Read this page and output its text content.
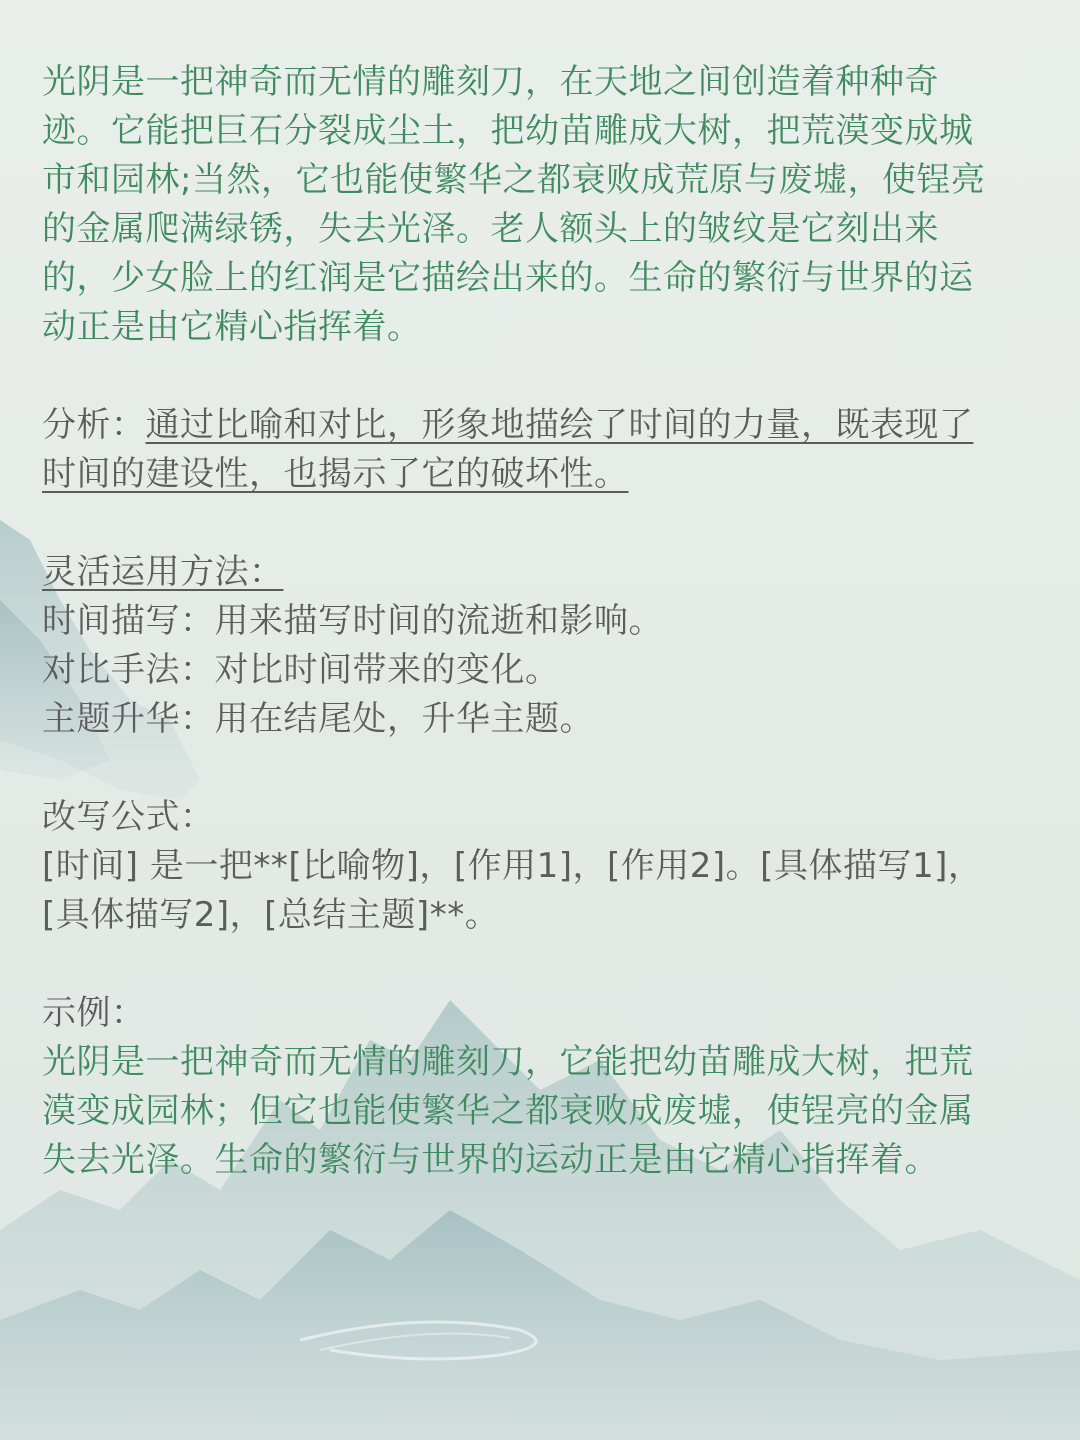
光阴是一把神奇而无情的雕刻刀，在天地之间创造着种种奇迹。它能把巨石分裂成尘土，把幼苗雕成大树，把荒漠变成城市和园林;当然，它也能使繁华之都衰败成荒原与废墟，使锃亮的金属爬满绿锈，失去光泽。老人额头上的皱纹是它刻出来的，少女脸上的红润是它描绘出来的。生命的繁衍与世界的运动正是由它精心指挥着。

分析：通过比喻和对比，形象地描绘了时间的力量，既表现了时间的建设性，也揭示了它的破坏性。

灵活运用方法：

时间描写：用来描写时间的流逝和影响。

对比手法：对比时间带来的变化。

主题升华：用在结尾处，升华主题。

改写公式：

[时间] 是一把**[比喻物]，[作用1]，[作用2]。[具体描写1]，[具体描写2]，[总结主题]**。

示例：

光阴是一把神奇而无情的雕刻刀，它能把幼苗雕成大树，把荒漠变成园林；但它也能使繁华之都衰败成废墟，使锃亮的金属失去光泽。生命的繁衍与世界的运动正是由它精心指挥着。
